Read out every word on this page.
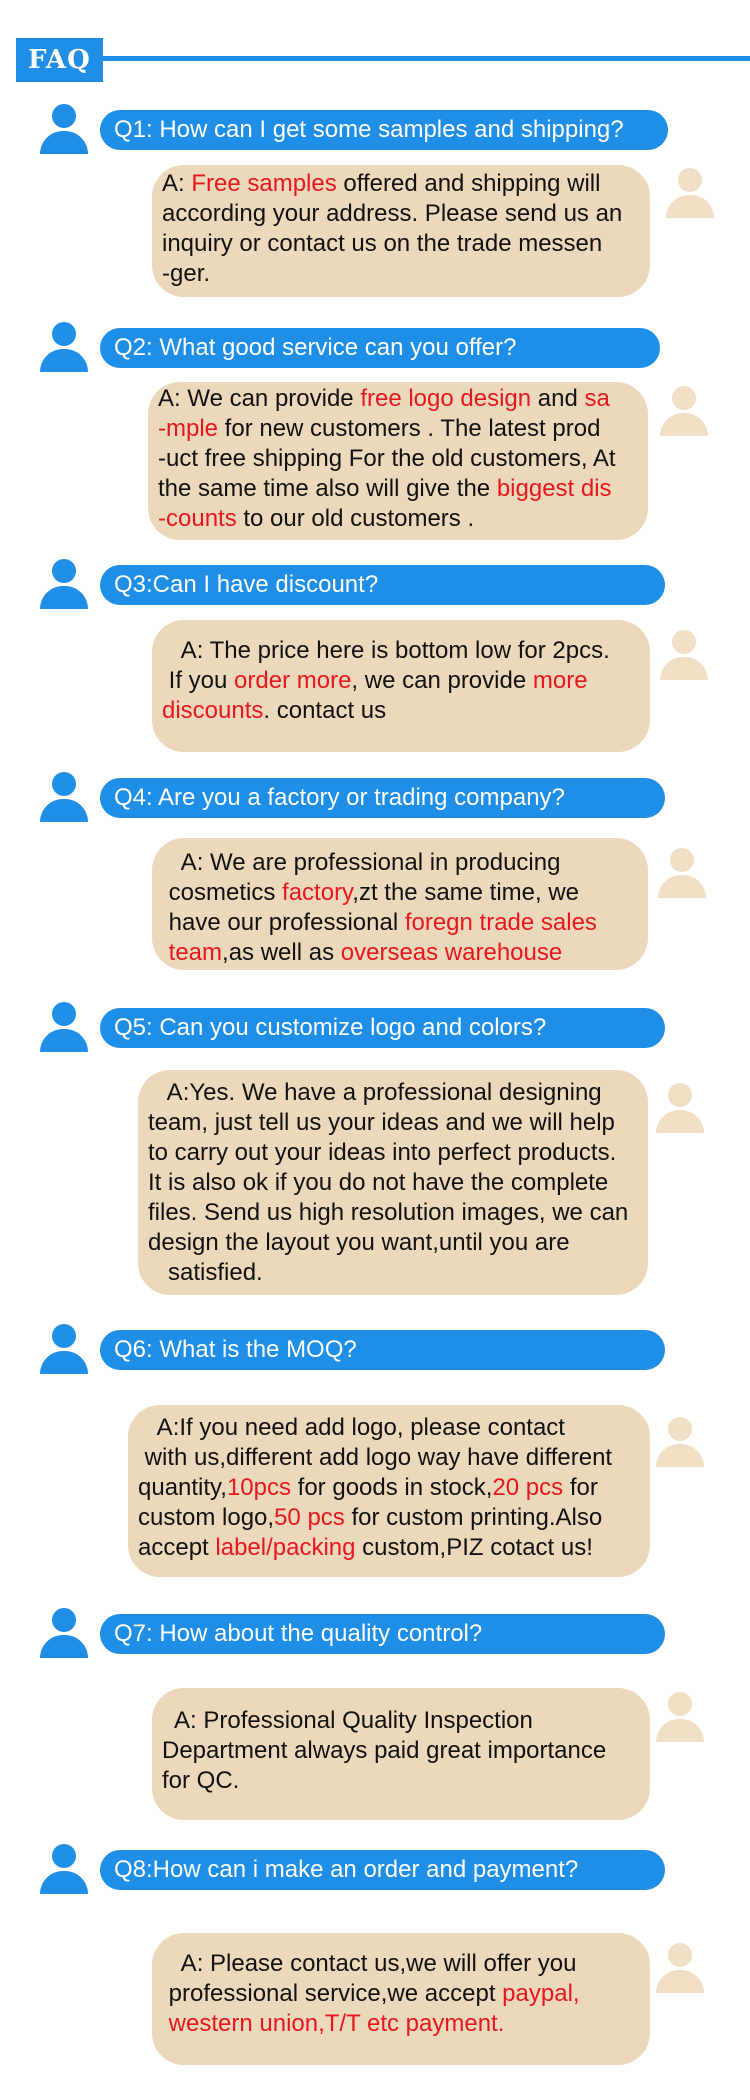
FAQ
Q1: How can I get some samples and shipping?
A: Free samples offered and shipping will
according your address. Please send us an
inquiry or contact us on the trade messen
-ger.
Q2: What good service can you offer?
A: We can provide free logo design and sa
-mple for new customers . The latest prod
-uct free shipping For the old customers, At
the same time also will give the biggest dis
-counts to our old customers .
Q3:Can I have discount?
A: The price here is bottom low for 2pcs.
If you order more, we can provide more
discounts. contact us
Q4: Are you a factory or trading company?
A: We are professional in producing
cosmetics factory,zt the same time, we
have our professional foregn trade sales
team,as well as overseas warehouse
Q5: Can you customize logo and colors?
A:Yes. We have a professional designing
team, just tell us your ideas and we will help
to carry out your ideas into perfect products.
It is also ok if you do not have the complete
files. Send us high resolution images, we can
design the layout you want,until you are
satisfied.
Q6: What is the MOQ?
A:If you need add logo, please contact
with us,different add logo way have different
quantity,10pcs for goods in stock,20 pcs for
custom logo,50 pcs for custom printing.Also
accept label/packing custom,PIZ cotact us!
Q7: How about the quality control?
A: Professional Quality Inspection
Department always paid great importance
for QC.
Q8:How can i make an order and payment?
A: Please contact us,we will offer you
professional service,we accept paypal,
western union,T/T etc payment.
